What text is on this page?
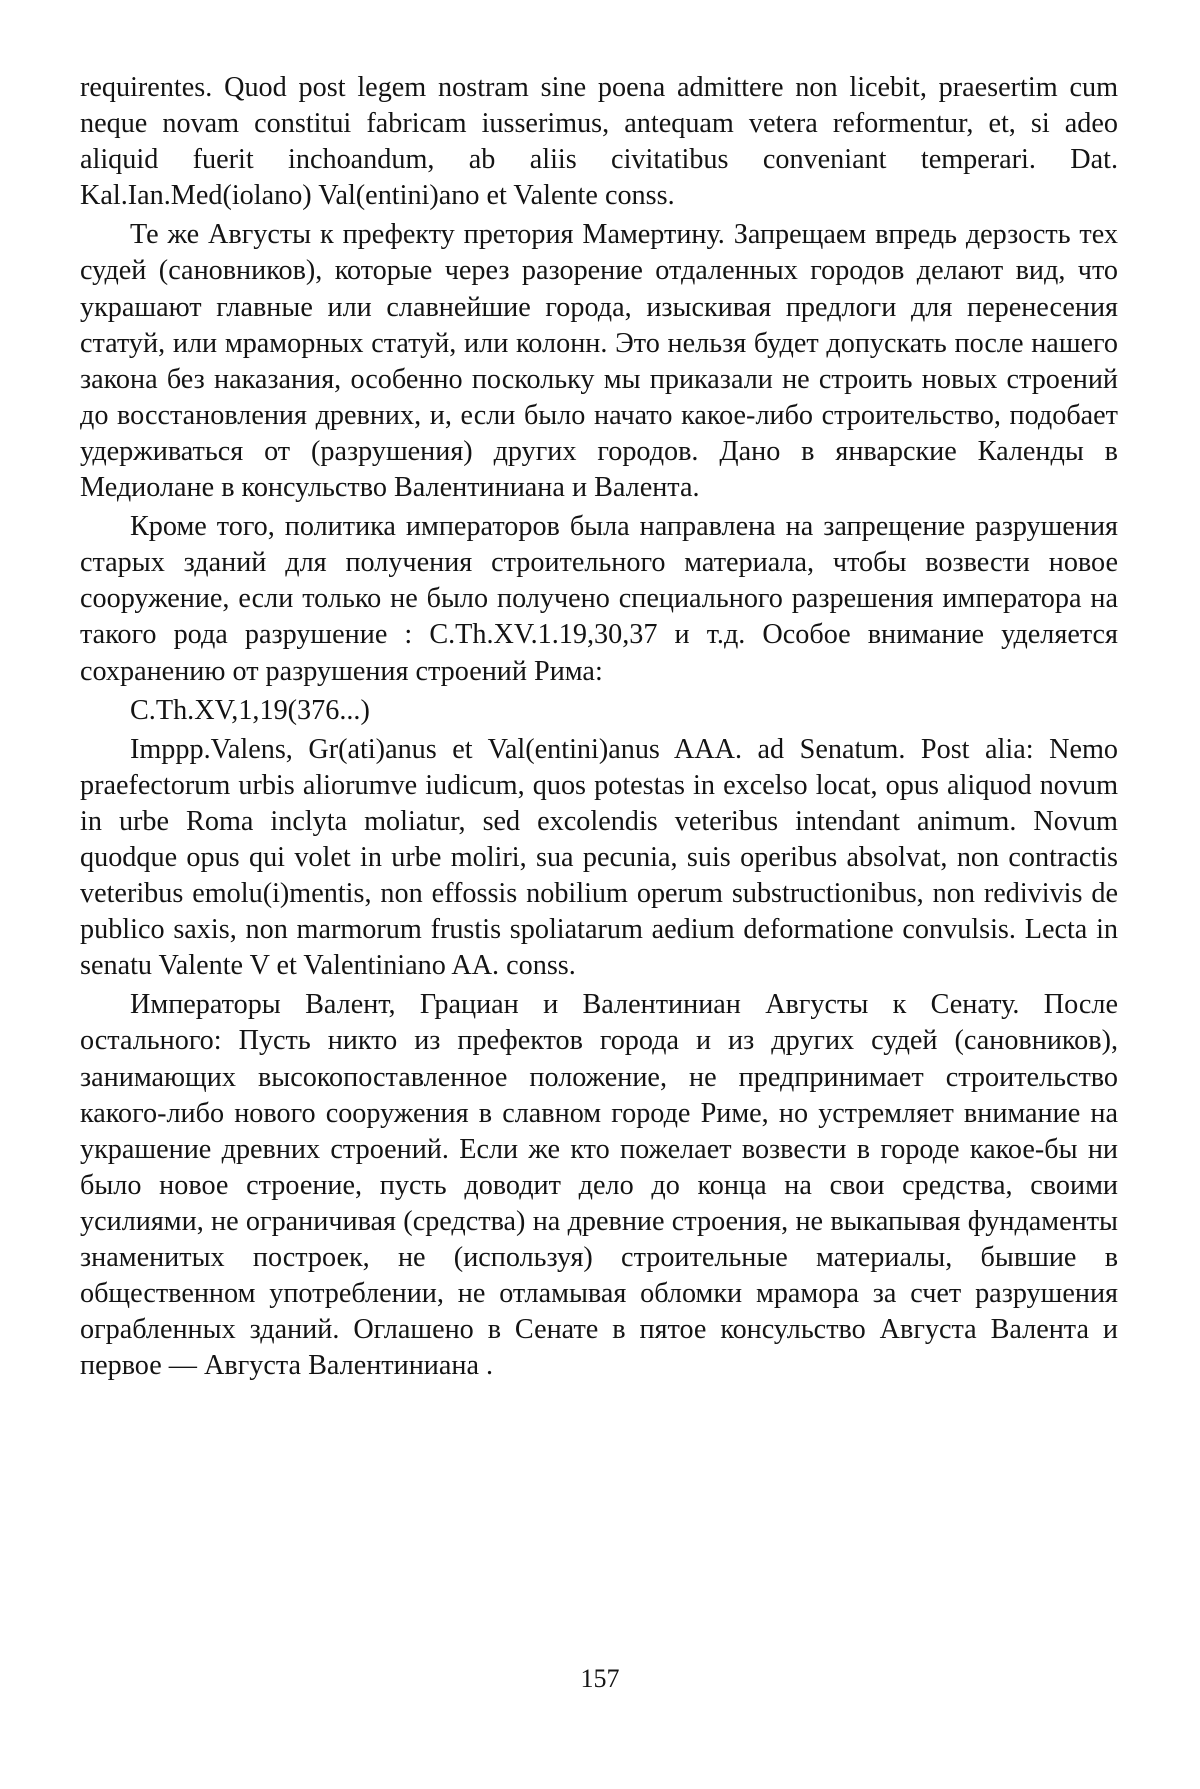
requirentes. Quod post legem nostram sine poena admittere non licebit, praesertim cum neque novam constitui fabricam iusserimus, antequam vetera reformentur, et, si adeo aliquid fuerit inchoandum, ab aliis civitatibus conveniant temperari. Dat. Kal.Ian.Med(iolano) Val(entini)ano et Valente conss.

Те же Августы к префекту претория Мамертину. Запрещаем впредь дерзость тех судей (сановников), которые через разорение отдаленных городов делают вид, что украшают главные или славнейшие города, изыскивая предлоги для перенесения статуй, или мраморных статуй, или колонн. Это нельзя будет допускать после нашего закона без наказания, особенно поскольку мы приказали не строить новых строений до восстановления древних, и, если было начато какое-либо строительство, подобает удерживаться от (разрушения) других городов. Дано в январские Календы в Медиолане в консульство Валентиниана и Валента.

Кроме того, политика императоров была направлена на запрещение разрушения старых зданий для получения строительного материала, чтобы возвести новое сооружение, если только не было получено специального разрешения императора на такого рода разрушение : C.Th.XV.1.19,30,37 и т.д. Особое внимание уделяется сохранению от разрушения строений Рима:

C.Th.XV,1,19(376...)

Imppp.Valens, Gr(ati)anus et Val(entini)anus AAA. ad Senatum. Post alia: Nemo praefectorum urbis aliorumve iudicum, quos potestas in excelso locat, opus aliquod novum in urbe Roma inclyta moliatur, sed excolendis veteribus intendant animum. Novum quodque opus qui volet in urbe moliri, sua pecunia, suis operibus absolvat, non contractis veteribus emolu(i)mentis, non effossis nobilium operum substructionibus, non redivivis de publico saxis, non marmorum frustis spoliatarum aedium deformatione convulsis. Lecta in senatu Valente V et Valentiniano AA. conss.

Императоры Валент, Грациан и Валентиниан Августы к Сенату. После остального: Пусть никто из префектов города и из других судей (сановников), занимающих высокопоставленное положение, не предпринимает строительство какого-либо нового сооружения в славном городе Риме, но устремляет внимание на украшение древних строений. Если же кто пожелает возвести в городе какое-бы ни было новое строение, пусть доводит дело до конца на свои средства, своими усилиями, не ограничивая (средства) на древние строения, не выкапывая фундаменты знаменитых построек, не (используя) строительные материалы, бывшие в общественном употреблении, не отламывая обломки мрамора за счет разрушения ограбленных зданий. Оглашено в Сенате в пятое консульство Августа Валента и первое — Августа Валентиниана .

157
